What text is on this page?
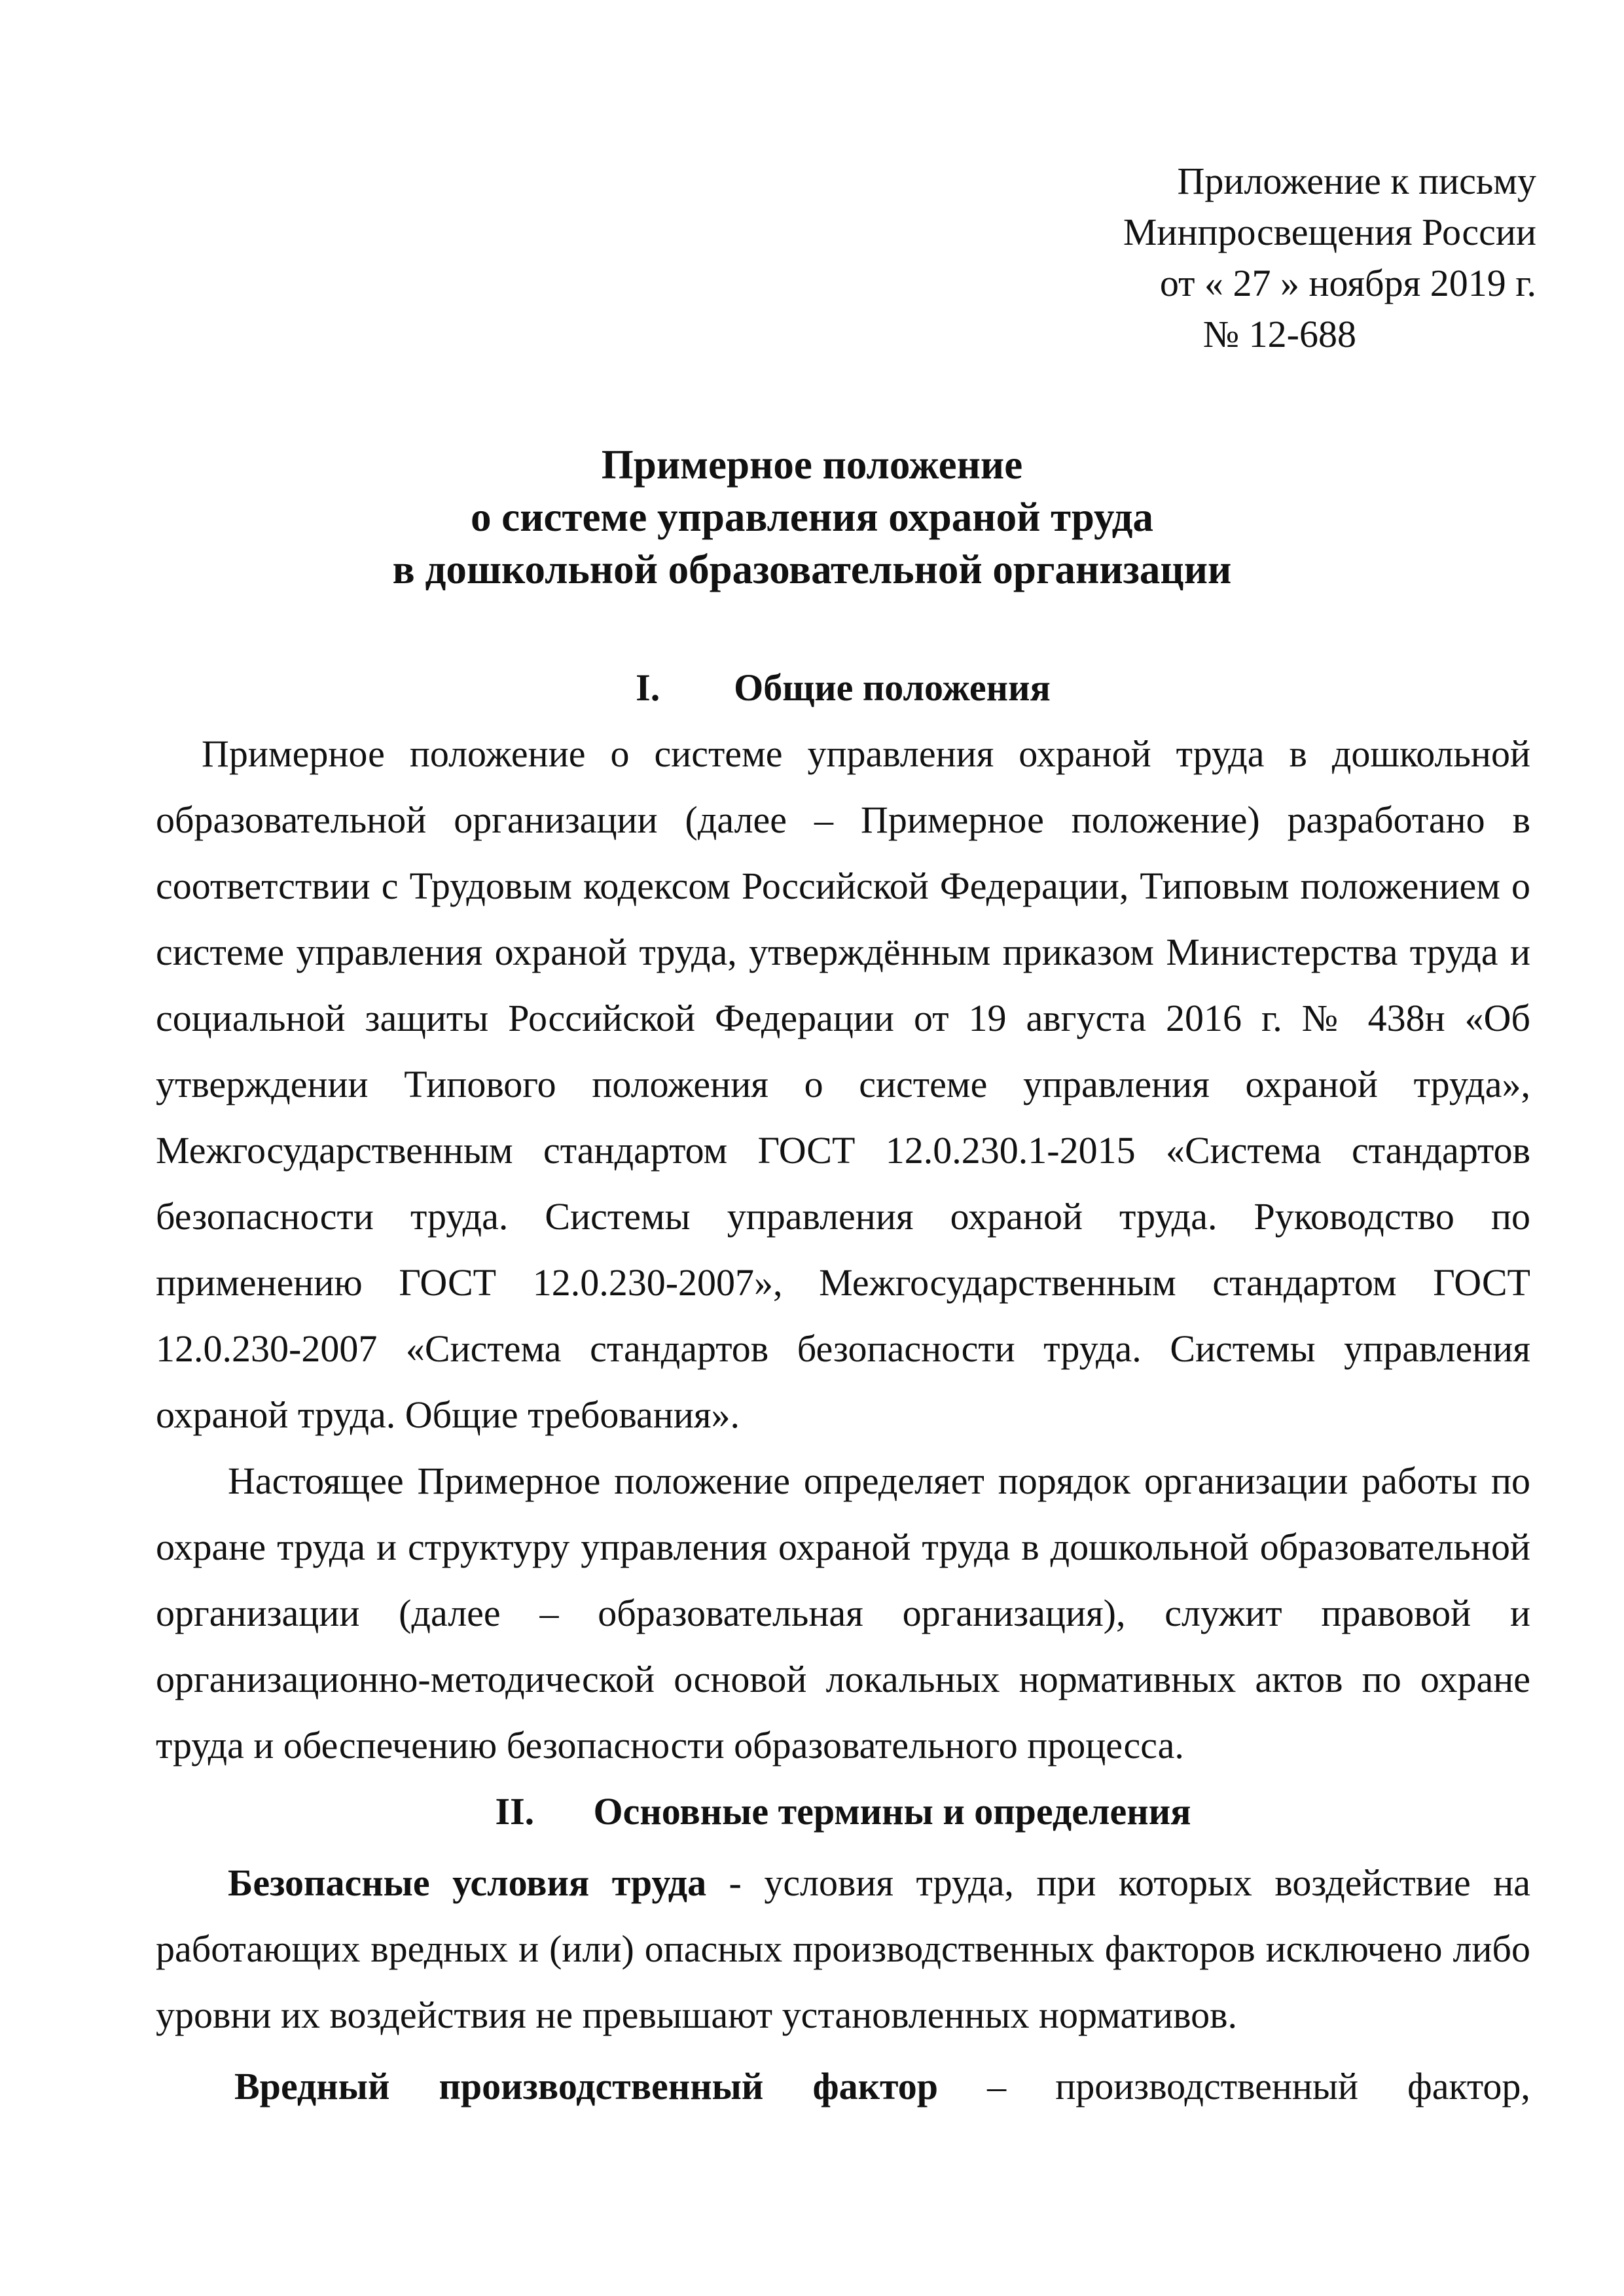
Приложение к письму
Минпросвещения России
от « 27 » ноября 2019 г.
№ 12-688
Примерное положение
о системе управления охраной труда
в дошкольной образовательной организации
I. Общие положения

Примерное положение о системе управления охраной труда в дошкольной образовательной организации (далее – Примерное положение) разработано в соответствии с Трудовым кодексом Российской Федерации, Типовым положением о системе управления охраной труда, утверждённым приказом Министерства труда и социальной защиты Российской Федерации от 19 августа 2016 г. № 438н «Об утверждении Типового положения о системе управления охраной труда», Межгосударственным стандартом ГОСТ 12.0.230.1-2015 «Система стандартов безопасности труда. Системы управления охраной труда. Руководство по применению ГОСТ 12.0.230-2007», Межгосударственным стандартом ГОСТ 12.0.230-2007 «Система стандартов безопасности труда. Системы управления охраной труда. Общие требования».

Настоящее Примерное положение определяет порядок организации работы по охране труда и структуру управления охраной труда в дошкольной образовательной организации (далее – образовательная организация), служит правовой и организационно-методической основой локальных нормативных актов по охране труда и обеспечению безопасности образовательного процесса.

II. Основные термины и определения

Безопасные условия труда - условия труда, при которых воздействие на работающих вредных и (или) опасных производственных факторов исключено либо уровни их воздействия не превышают установленных нормативов.

Вредный производственный фактор – производственный фактор,
